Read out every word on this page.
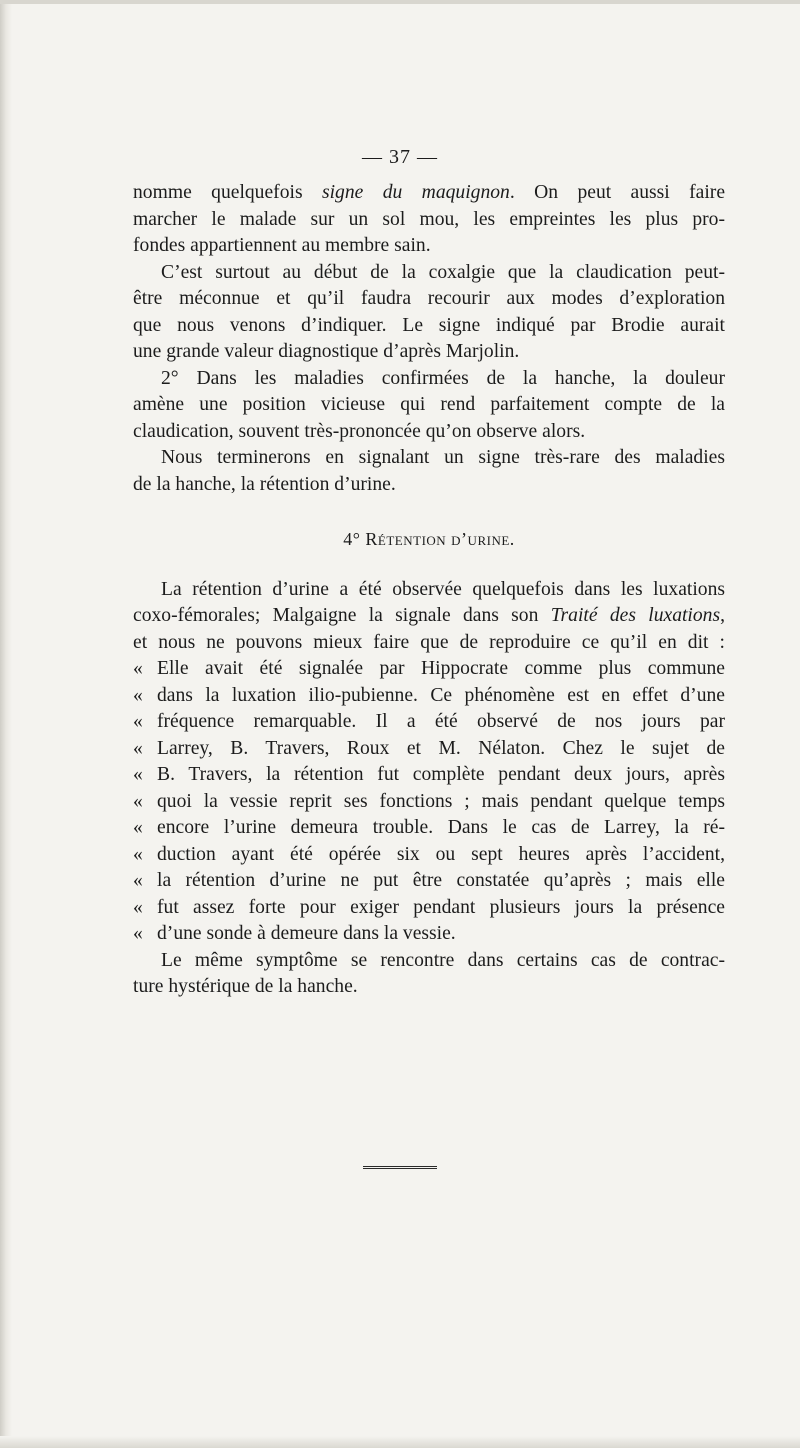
— 37 —

nomme quelquefois signe du maquignon. On peut aussi faire

marcher le malade sur un sol mou, les empreintes les plus pro-

fondes appartiennent au membre sain.

C’est surtout au début de la coxalgie que la claudication peut-

être méconnue et qu’il faudra recourir aux modes d’exploration

que nous venons d’indiquer. Le signe indiqué par Brodie aurait

une grande valeur diagnostique d’après Marjolin.

2° Dans les maladies confirmées de la hanche, la douleur

amène une position vicieuse qui rend parfaitement compte de la

claudication, souvent très-prononcée qu’on observe alors.

Nous terminerons en signalant un signe très-rare des maladies

de la hanche, la rétention d’urine.

4° Rétention d’urine.

La rétention d’urine a été observée quelquefois dans les luxations

coxo-fémorales; Malgaigne la signale dans son Traité des luxations,

et nous ne pouvons mieux faire que de reproduire ce qu’il en dit :

« Elle avait été signalée par Hippocrate comme plus commune
« dans la luxation ilio-pubienne. Ce phénomène est en effet d’une
« fréquence remarquable. Il a été observé de nos jours par
« Larrey, B. Travers, Roux et M. Nélaton. Chez le sujet de
« B. Travers, la rétention fut complète pendant deux jours, après
« quoi la vessie reprit ses fonctions ; mais pendant quelque temps
« encore l’urine demeura trouble. Dans le cas de Larrey, la ré-
« duction ayant été opérée six ou sept heures après l’accident,
« la rétention d’urine ne put être constatée qu’après ; mais elle
« fut assez forte pour exiger pendant plusieurs jours la présence
« d’une sonde à demeure dans la vessie.

Le même symptôme se rencontre dans certains cas de contrac-

ture hystérique de la hanche.
